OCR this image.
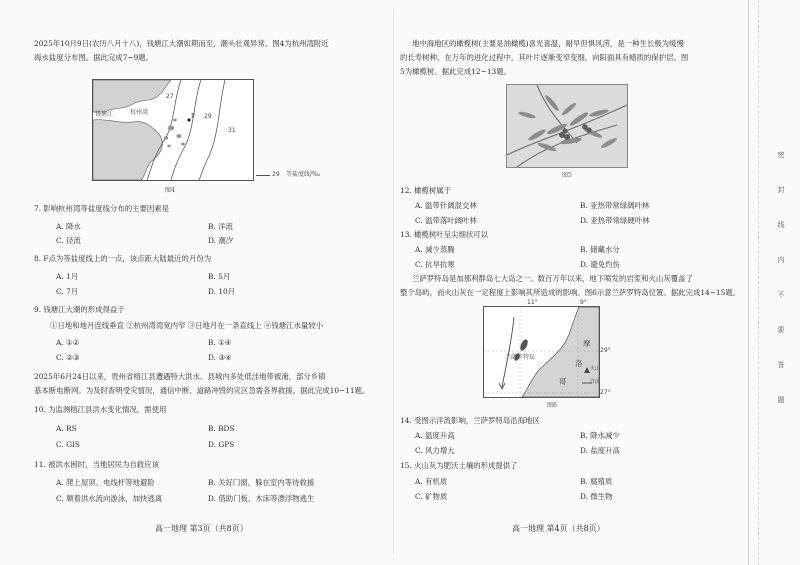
2025年10月9日(农历八月十八)，钱塘江大潮如期而至，潮头壮观异常。图4为杭州湾附近
海水盐度分布图。据此完成7~9题。
钱塘江	杭州湾
F
27
29
31
29 等盐度线/‰
图4
7. 影响杭州湾等盐度线分布的主要因素是
A. 降水	B. 洋流
C. 径流	D. 潮汐
8. F点为等盐度线上的一点，该点距大陆最近的月份为
A. 1月	B. 5月
C. 7月	D. 10月
9. 钱塘江大潮的形成得益于
①日地和地月连线垂直 ②杭州湾湾宽内窄 ③日地月在一条直线上 ④钱塘江水量较小
A. ①②	B. ①④
C. ②③	D. ③④
2025年6月24日以来，贵州省榕江县遭遇特大洪水。县城内多处低洼地带被淹，部分乡镇
基本断电断网。为及时查明受灾情况，通信中断、道路冲毁的灾区急需各界救援。据此完成10~11题。
10. 为监测榕江县洪水变化情况，需使用
A. RS	B. BDS
C. GIS	D. GPS
11. 被洪水困时，当地居民为自救应该
A. 爬上屋顶、电线杆等地避险	B. 关好门窗，躲在室内等待救援
C. 顺着洪水流向游泳，加快逃离	D. 借助门板、木床等漂浮物逃生
高一地理 第3页（共8页）
地中海地区的橄榄树(主要是油橄榄)喜光喜温，耐旱但惧风涝，是一种生长极为缓慢
的长寿树种。在万年的进化过程中，其叶片逐渐变窄变细，向阳面具有蜡质的保护层。图
5为橄榄树。据此完成12~13题。
图5
12. 橄榄树属于
A. 温带针阔混交林	B. 亚热带常绿阔叶林
C. 温带落叶阔叶林	D. 亚热带常绿硬叶林
13. 橄榄树叶呈尖细状可以
A. 减少蒸腾	B. 储藏水分
C. 抗旱抗寒	D. 避免灼伤
兰萨罗特岛是加那利群岛七大岛之一。数百万年以来，地下喷发的岩浆和火山灰覆盖了
整个岛屿，而火山灰在一定程度上影响其所造成的影响。图6示意兰萨罗特岛位置。据此完成14~15题。
11°	9°
29°
27°
兰萨罗特岛
摩
洛
哥
火山
洋流
图6
14. 受图示洋流影响，兰萨罗特岛沿海地区
A. 温度升高	B. 降水减少
C. 风力增大	D. 盐度升高
15. 火山灰为肥沃土壤的形成提供了
A. 有机质	B. 腐殖质
C. 矿物质	D. 微生物
高一地理 第4页（共8页）
密
封
线
内
不
要
答
题
